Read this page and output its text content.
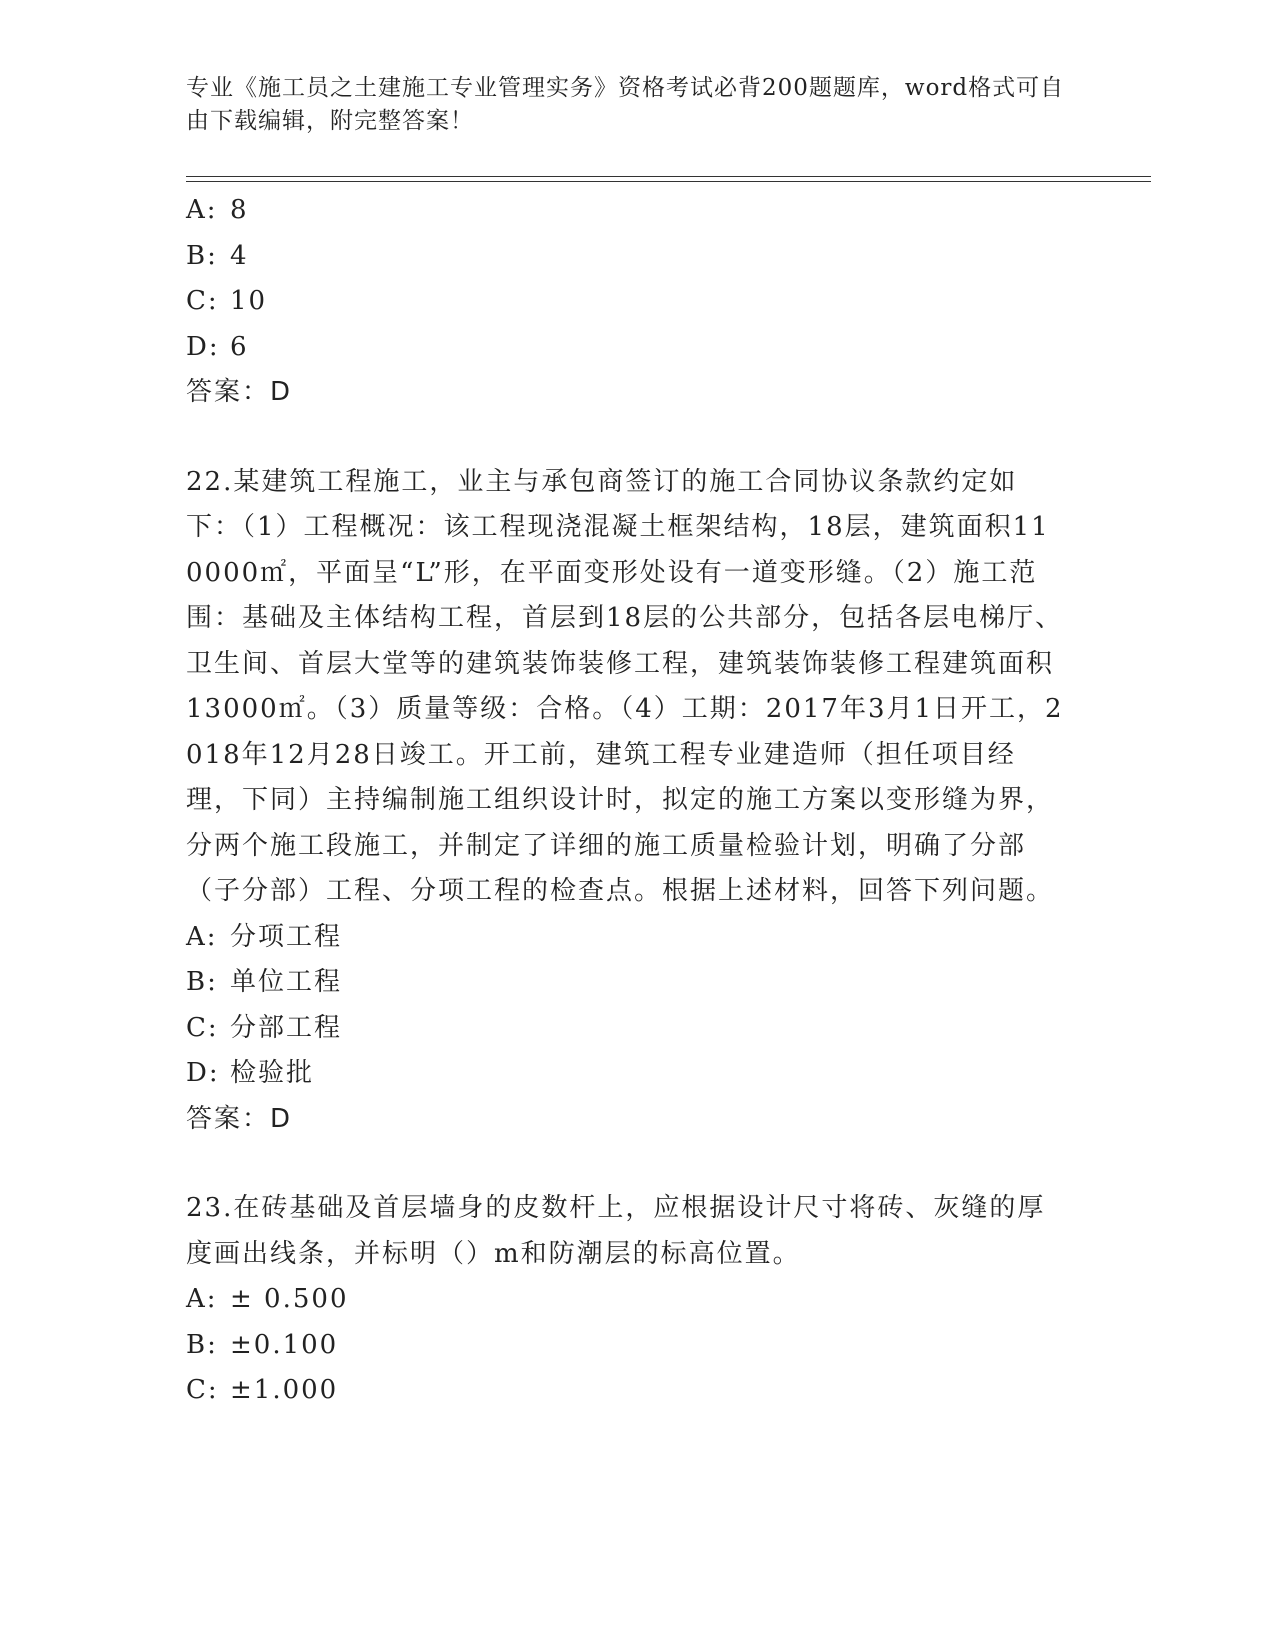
专业《施工员之土建施工专业管理实务》资格考试必背200题题库，word格式可自由下载编辑，附完整答案！
A: 8
B: 4
C: 10
D: 6
答案：D
22.某建筑工程施工，业主与承包商签订的施工合同协议条款约定如下：（1）工程概况：该工程现浇混凝土框架结构，18层，建筑面积110000㎡，平面呈“L”形，在平面变形处设有一道变形缝。（2）施工范围：基础及主体结构工程，首层到18层的公共部分，包括各层电梯厅、卫生间、首层大堂等的建筑装饰装修工程，建筑装饰装修工程建筑面积13000㎡。（3）质量等级：合格。（4）工期：2017年3月1日开工，2018年12月28日竣工。开工前，建筑工程专业建造师（担任项目经理，下同）主持编制施工组织设计时，拟定的施工方案以变形缝为界，分两个施工段施工，并制定了详细的施工质量检验计划，明确了分部（子分部）工程、分项工程的检查点。根据上述材料，回答下列问题。
A: 分项工程
B: 单位工程
C: 分部工程
D: 检验批
答案：D
23.在砖基础及首层墙身的皮数杆上，应根据设计尺寸将砖、灰缝的厚度画出线条，并标明（）m和防潮层的标高位置。
A: ± 0.500
B: ±0.100
C: ±1.000
